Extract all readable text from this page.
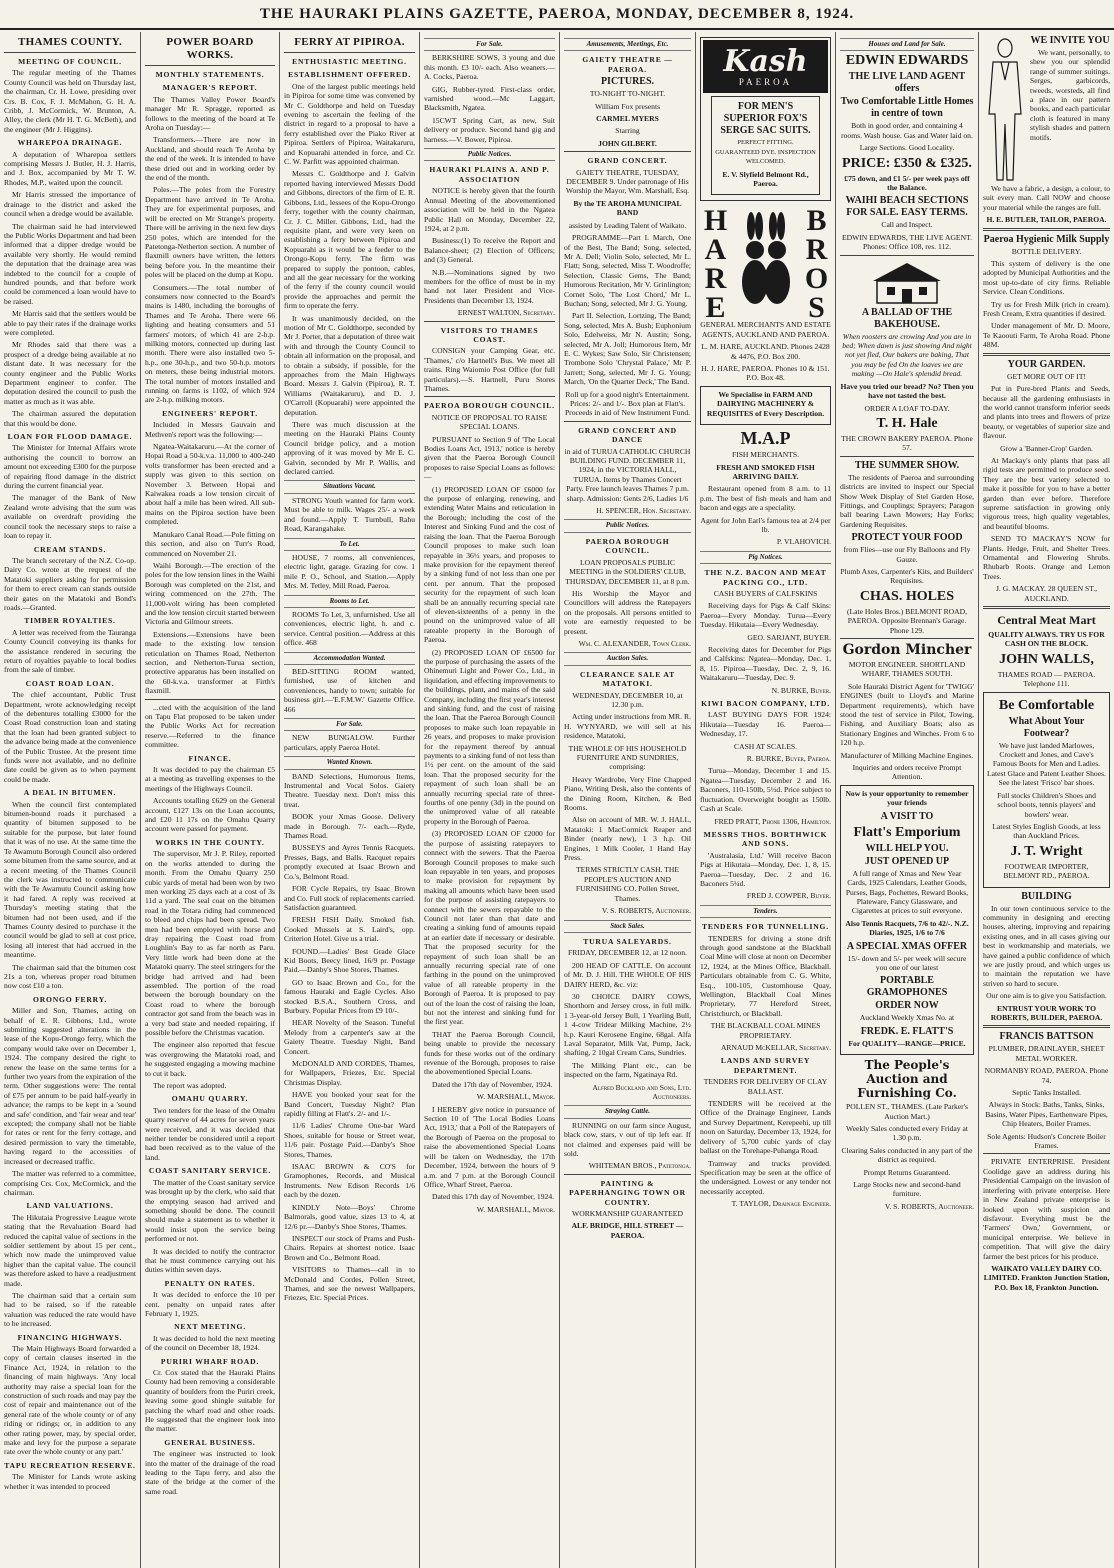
THE HAURAKI PLAINS GAZETTE, PAEROA, MONDAY, DECEMBER 8, 1924.
THAMES COUNTY.
MEETING OF COUNCIL.

The regular meeting of the Thames County Council was held on Thursday last, the chairman, Cr. H. Lowe, presiding over Crs. B. Cox, F. J. McMahon, G. H. A. Cribb, J. McCormick, W. Brunton, A. Alley, the clerk (Mr H. T. G. McBeth), and the engineer (Mr J. Higgins).

WHAREPOA DRAINAGE.

A deputation of Wharepoa settlers comprising Messrs J. Butler, H. J. Harris, and J. Box, accompanied by Mr T. W. Rhodes, M.P., waited upon the council.

Mr Harris stressed the importance of drainage to the district and asked the council when a dredge would be available.

The chairman said he had interviewed the Public Works Department and had been informed that a dipper dredge would be available very shortly. He would remind the deputation that the drainage area was indebted to the council for a couple of hundred pounds, and that before work could be commenced a loan would have to be raised.

Mr Harris said that the settlers would be able to pay their rates if the drainage works were completed.

Mr Rhodes said that there was a prospect of a dredge being available at no distant date. It was necessary for the county engineer and the Public Works Department engineer to confer. The deputation desired the council to push the matter as much as it was able.

The chairman assured the deputation that this would be done.

LOAN FOR FLOOD DAMAGE.

The Minister for Internal Affairs wrote authorising the council to borrow an amount not exceeding £300 for the purpose of repairing flood damage in the district during the current financial year.

The manager of the Bank of New Zealand wrote advising that the sum was available on overdraft providing the council took the necessary steps to raise a loan to repay it.

CREAM STANDS.

The branch secretary of the N.Z. Co-op. Dairy Co. wrote at the request of the Matatoki suppliers asking for permission for them to erect cream can stands outside their gates on the Matatoki and Bond's roads.—Granted.

TIMBER ROYALTIES.

A letter was received from the Tauranga County Council conveying its thanks for the assistance rendered in securing the return of royalties payable to local bodies from the sale of timber.

COAST ROAD LOAN.

The chief accountant, Public Trust Department, wrote acknowledging receipt of the debentures totalling £3000 for the Coast Road construction loan and stating that the loan had been granted subject to the advance being made at the convenience of the Public Trustee. At the present time funds were not available, and no definite date could be given as to when payment could be made.

A DEAL IN BITUMEN.

When the council first contemplated bitumen-bound roads it purchased a quantity of bitumen supposed to be suitable for the purpose, but later found that it was of no use. At the same time the Te Awamutu Borough Council also ordered some bitumen from the same source, and at a recent meeting of the Thames Council the clerk was instructed to communicate with the Te Awamutu Council asking how it had fared. A reply was received at Thursday's meeting stating that the bitumen had not been used, and if the Thames County desired to purchase it the council would be glad to sell at cost price, losing all interest that had accrued in the meantime.

The chairman said that the bitumen cost 21s a ton, whereas proper road bitumen now cost £10 a ton.

ORONGO FERRY.

Miller and Son, Thames, acting on behalf of E. R. Gibbons, Ltd., wrote submitting suggested alterations in the lease of the Kopu-Orongo ferry, which the company would take over on December 1, 1924. The company desired the right to renew the lease on the same terms for a further two years from the expiration of the term. Other suggestions were: The rental of £75 per annum to be paid half-yearly in advance; the ramps to be kept in a 'sound and safe' condition, and 'fair wear and tear' excepted; the company shall not be liable for rates or rent for the ferry cottage, and desired permission to vary the timetable, having regard to the accessities of increased or decreased traffic.

The matter was referred to a committee, comprising Crs. Cox, McCormick, and the chairman.

LAND VALUATIONS.

The Hikutaia Progressive League wrote stating that the Revaluation Board had reduced the capital value of sections in the soldier settlement by about 15 per cent., which now made the unimproved value higher than the capital value. The council was therefore asked to have a readjustment made.

The chairman said that a certain sum had to be raised, so if the rateable valuation was reduced the rate would have to be increased.

FINANCING HIGHWAYS.

The Main Highways Board forwarded a copy of certain clauses inserted in the Finance Act, 1924, in relation to the financing of main highways. 'Any local authority may raise a special loan for the construction of such roads and may pay the cost of repair and maintenance out of the general rate of the whole county or of any riding or ridings; or, in addition to any other rating power, may, by special order, make and levy for the purpose a separate rate over the whole county or any part.'

TAPU RECREATION RESERVE.

The Minister for Lands wrote asking whether it was intended to proceed

POWER BOARD WORKS.
MONTHLY STATEMENTS.
MANAGER'S REPORT.

The Thames Valley Power Board's manager Mr R. Spragge, reported as follows to the meeting of the board at Te Aroha on Tuesday:—

Transformers.—There are now in Auckland, and should reach Te Aroha by the end of the week. It is intended to have these dried out and in working order by the end of the month.

Poles.—The poles from the Forestry Department have arrived in Te Aroha. They are for experimental purposes, and will be erected on Mr Strange's property. There will be arriving in the next few days 250 poles, which are intended for the Patetonga-Netherton section. A number of flaxmill owners have written, the letters being before you. In the meantime their poles will be placed on the dump at Kopu.

Consumers.—The total number of consumers now connected to the Board's mains is 1480, including the boroughs of Thames and Te Aroha. There were 66 lighting and heating consumers and 51 farmers' motors, of which 41 are 2-h.p. milking motors, connected up during last month. There were also installed two 5-h.p., one 30-h.p., and two 50-h.p. motors on meters, these being industrial motors. The total number of motors installed and running on farms is 1102, of which 924 are 2-h.p. milking motors.

ENGINEERS' REPORT.

Included in Messrs Gauvain and Methven's report was the following:—

Ngatea-Waitakaruru.—At the corner of Hopai Road a 50-k.v.a. 11,000 to 400-240 volts transformer has been erected and a supply was given to this section on November 3. Between Hopai and Kaiwakea roads a low tension circuit of about half a mile has been wired. All sub-mains on the Pipiroa section have been completed.

Manukaro Canal Road.—Pole fitting on this section, and also on Turr's Road, commenced on November 21.

Waihi Borough.—The erection of the poles for the low tension lines in the Waihi Borough was completed on the 21st, and wiring commenced on the 27th. The 11,000-volt wiring has been completed and the low tension circuit started between Victoria and Gilmour streets.

Extensions.—Extensions have been made to the existing low tension reticulation on Thames Road, Netherton section, and Netherton-Turua section, protective apparatus has been installed on the 60-k.v.a. transformer at Firth's flaxmill.

...cted with the acquisition of the land on Tapu Flat proposed to be taken under the Public Works Act for recreation reserve.—Referred to the finance committee.

FINANCE.

It was decided to pay the chairman £5 at a meeting as travelling expenses to the meetings of the Highways Council.

Accounts totalling £629 on the General account, £127 13s on the Loan accounts, and £20 11 17s on the Omahu Quarry account were passed for payment.

WORKS IN THE COUNTY.

The supervisor, Mr J. P. Riley, reported on the works attended to during the month. From the Omahu Quarry 250 cubic yards of metal had been won by two men working 25 days each at a cost of 3s 11d a yard. The seal coat on the bitumen road in the Totara riding had commenced to bleed and chips had been spread. Two men had been employed with horse and dray repairing the Coast road from Loughlin's Bay to as far north as Paru. Very little work had been done at the Matatoki quarry. The steel stringers for the bridge had arrived and had been assembled. The portion of the road between the borough boundary on the Coast road to where the borough contractor got sand from the beach was in a very bad state and needed repairing, if possible before the Christmas vacation.

The engineer also reported that fescue was overgrowing the Matatoki road, and he suggested engaging a mowing machine to cut it back.

The report was adopted.

OMAHU QUARRY.

Two tenders for the lease of the Omahu quarry reserve of 44 acres for seven years were received, and it was decided that neither tender be considered until a report had been received as to the value of the land.

COAST SANITARY SERVICE.

The matter of the Coast sanitary service was brought up by the clerk, who said that the emptying season had arrived and something should be done. The council should make a statement as to whether it would insist upon the service being performed or not.

It was decided to notify the contractor that he must commence carrying out his duties within seven days.

PENALTY ON RATES.

It was decided to enforce the 10 per cent. penalty on unpaid rates after February 1, 1925.

NEXT MEETING.

It was decided to hold the next meeting of the council on December 18, 1924.

PURIRI WHARF ROAD.

Cr. Cox stated that the Hauraki Plains County had been removing a considerable quantity of boulders from the Puriri creek, leaving some good shingle suitable for patching the wharf road and other roads. He suggested that the engineer look into the matter.

GENERAL BUSINESS.

The engineer was instructed to look into the matter of the drainage of the road leading to the Tapu ferry, and also the state of the bridge at the corner of the same road.

FERRY AT PIPIROA.
ENTHUSIASTIC MEETING.
ESTABLISHMENT OFFERED.

One of the largest public meetings held in Pipiroa for some time was convened by Mr C. Goldthorpe and held on Tuesday evening to ascertain the feeling of the district in regard to a proposal to have a ferry established over the Piako River at Pipiroa. Settlers of Pipiroa, Waitakaruru, and Kopuarahi attended in force, and Cr. C. W. Parfitt was appointed chairman.

Messrs C. Goldthorpe and J. Galvin reported having interviewed Messrs Dodd and Gibbons, directors of the firm of E. R. Gibbons, Ltd., lessees of the Kopu-Orongo ferry, together with the county chairman, Cr. J. C. Miller. Gibbons, Ltd., had the requisite plant, and were very keen on establishing a ferry between Pipiroa and Kopuarahi as it would be a feeder to the Orongo-Kopu ferry. The firm was prepared to supply the pontoon, cables, and all the gear necessary for the working of the ferry if the county council would provide the approaches and permit the firm to operate the ferry.

It was unanimously decided, on the motion of Mr C. Goldthorpe, seconded by Mr J. Porter, that a deputation of three wait with and through the County Council to obtain all information on the proposal, and to obtain a subsidy, if possible, for the approaches from the Main Highways Board. Messrs J. Galvin (Pipiroa), R. T. Williams (Waitakaruru), and D. J. O'Carroll (Kopuarahi) were appointed the deputation.

There was much discussion at the meeting on the Hauraki Plains County Council bridge policy, and a motion approving of it was moved by Mr E. C. Galvin, seconded by Mr P. Wallis, and declared carried.

Situations Vacant.

STRONG Youth wanted for farm work. Must be able to milk. Wages 25/- a week and found.—Apply T. Turnbull, Rahu Road, Karangahake.

To Let.

HOUSE, 7 rooms, all conveniences, electric light, garage. Grazing for cow. 1 mile P. O., School, and Station.—Apply Mrs. M. Tetley, Mill Road, Paeroa.

Rooms to Let.

ROOMS To Let, 3, unfurnished. Use all conveniences, electric light, h. and c. service. Central position.—Address at this office. 468

Accommodation Wanted.

BED-SITTING ROOM wanted, furnished, use of kitchen and conveniences, handy to town; suitable for business girl.—'E.F.M.W.' Gazette Office. 466

For Sale.

NEW BUNGALOW. Further particulars, apply Paeroa Hotel.

Wanted Known.

BAND Selections, Humorous Items, Instrumental and Vocal Solos. Gaiety Theatre. Tuesday next. Don't miss this treat.

BOOK your Xmas Goose. Delivery made in Borough. 7/- each.—Ryde, Thames Road.

BUSSEYS and Ayres Tennis Racquets. Presses, Bags, and Balls. Racquet repairs promptly executed at Isaac Brown and Co.'s, Belmont Road.

FOR Cycle Repairs, try Isaac Brown and Co. Full stock of replacements carried. Satisfaction guaranteed.

FRESH FISH Daily. Smoked fish. Cooked Mussels at S. Laird's, opp. Criterion Hotel. Give us a trial.

FOUND.—Ladies' Best Grade Glace Kid Boots, Beecy lined, 16/9 pr. Postage Paid.—Danby's Shoe Stores, Thames.

GO to Isaac Brown and Co., for the famous Hauraki and Eagle Cycles. Also stocked B.S.A., Southern Cross, and Burbury. Popular Prices from £9 10/-.

HEAR Novelty of the Season. Tuneful Melody from a carpenter's saw at the Gaiety Theatre. Tuesday Night, Band Concert.

McDONALD AND CORDES, Thames, for Wallpapers, Friezes, Etc. Special Christmas Display.

HAVE you booked your seat for the Band Concert, Tuesday Night? Plan rapidly filling at Flatt's. 2/- and 1/-.

11/6 Ladies' Chrome One-bar Ward Shoes, suitable for house or Street wear, 11/6 pair. Postage Paid.—Danby's Shoe Stores, Thames.

ISAAC BROWN & CO'S for Gramophones, Records, and Musical Instruments. New Edison Records 1/6 each by the dozen.

KINDLY Note—Boys' Chrome Balmorals, good value, sizes 13 to 4, at 12/6 pr.—Danby's Shoe Stores, Thames.

INSPECT our stock of Prams and Push-Chairs. Repairs at shortest notice. Isaac Brown and Co., Belmont Road.

VISITORS to Thames—call in to McDonald and Cordes, Pollen Street, Thames, and see the newest Wallpapers, Friezes, Etc. Special Prices.

For Sale.

BERKSHIRE SOWS, 3 young and due this month. £3 10/- each. Also weaners.—A. Cocks, Paeroa.

GIG, Rubber-tyred. First-class order, varnished wood.—Mc Laggart, Blacksmith, Ngatea.

15CWT Spring Cart, as new, Suit delivery or produce. Second hand gig and harness.—V. Bower, Pipiroa.

Public Notices.
HAURAKI PLAINS A. AND P. ASSOCIATION

NOTICE is hereby given that the fourth Annual Meeting of the abovementioned association will be held in the Ngatea Public Hall on Monday, December 22, 1924, at 2 p.m.

Business:(1) To receive the Report and Balance-sheet; (2) Election of Officers; and (3) General.

N.B.—Nominations signed by two members for the office of must be in my hand not later President and Vice-Presidents than December 13, 1924.

ERNEST WALTON, Secretary.

VISITORS TO THAMES COAST.

CONSIGN your Camping Gear, etc. 'Thames,' c/o Hartnell's Bus. We meet all trains. Ring Waiomio Post Office (for full particulars).—S. Hartnell, Puru Stores Thames.

PAEROA BOROUGH COUNCIL.

NOTICE OF PROPOSAL TO RAISE SPECIAL LOANS.

PURSUANT to Section 9 of 'The Local Bodies Loans Act, 1913,' notice is hereby given that the Paeroa Borough Council proposes to raise Special Loans as follows:—

(1) PROPOSED LOAN OF £6000 for the purpose of enlarging, renewing, and extending Water Mains and reticulation in the Borough; including the cost of the Interest and Sinking Fund and the cost of raising the loan. That the Paeroa Borough Council proposes to make such loan repayable in 36½ years, and proposes to make provision for the repayment thereof by a sinking fund of not less than one per cent. per annum. That the proposed security for the repayment of such loan shall be an annually recurring special rate of eleven-sixteenths of a penny in the pound on the unimproved value of all rateable property in the Borough of Paeroa.

(2) PROPOSED LOAN OF £6500 for the purpose of purchasing the assets of the Ohinemuri Light and Power Co., Ltd., in liquidation, and effecting improvements to the buildings, plant, and mains of the said Company, including the first year's interest and sinking fund, and the cost of raising the loan. That the Paeroa Borough Council proposes to make such loan repayable in 26 years, and proposes to make provision for the repayment thereof by annual payments to a sinking fund of not less than 1½ per cent. on the amount of the said loan. That the proposed security for the repayment of such loan shall be an annually recurring special rate of three-fourths of one penny (3d) in the pound on the unimproved value of all rateable property in the Borough of Paeroa.

(3) PROPOSED LOAN OF £2000 for the purpose of assisting ratepayers to connect with the sewers. That the Paeroa Borough Council proposes to make such loan repayable in ten years, and proposes to make provision for repayment by making all amounts which have been used for the purpose of assisting ratepayers to connect with the sewers repayable to the Council not later than that date and creating a sinking fund of amounts repaid at an earlier date if necessary or desirable. That the proposed security for the repayment of such loan shall be an annually recurring special rate of one farthing in the pound on the unimproved value of all rateable property in the Borough of Paeroa. It is proposed to pay out of the loan the cost of raising the loan, but not the interest and sinking fund for the first year.

THAT the Paeroa Borough Council, being unable to provide the necessary funds for these works out of the ordinary revenue of the Borough, proposes to raise the abovementioned Special Loans.

Dated the 17th day of November, 1924.

W. MARSHALL, Mayor.

I HEREBY give notice in pursuance of Section 10 of 'The Local Bodies Loans Act, 1913,' that a Poll of the Ratepayers of the Borough of Paeroa on the proposal to raise the abovementioned Special Loans will be taken on Wednesday, the 17th December, 1924, between the hours of 9 a.m. and 7 p.m. at the Borough Council Office, Wharf Street, Paeroa.

Dated this 17th day of November, 1924.

W. MARSHALL, Mayor.

Amusements, Meetings, Etc.
GAIETY THEATRE — PAEROA.
PICTURES.

TO-NIGHT TO-NIGHT.

William Fox presents

CARMEL MYERS

Starring

JOHN GILBERT.

GRAND CONCERT.

GAIETY THEATRE, TUESDAY, DECEMBER 9. Under patronage of His Worship the Mayor, Wm. Marshall, Esq.

By the TE AROHA MUNICIPAL BAND

assisted by Leading Talent of Waikato.

PROGRAMME—Part I. March, One of the Best, The Band; Song, selected, Mr A. Dell; Violin Solo, selected, Mr L. Flatt; Song, selected, Miss T. Woodroffe; Selection, Classic Gems, The Band; Humorous Recitation, Mr V. Grinlington; Cornet Solo, 'The Lost Chord,' Mr L. Buchan; Song, selected, Mr J. G. Young.

Part II. Selection, Lortzing, The Band; Song, selected, Mrs A. Bush; Euphonium Solo, Edelweiss, Mr N. Austin; Song, selected, Mr A. Joll; Humorous Item, Mr E. C. Wykes; Saw Solo, Sir Christensen; Trombone Solo 'Chrystal Palace,' Mr P. Jarrett; Song, selected, Mr J. G. Young; March, 'On the Quarter Deck,' The Band.

Roll up for a good night's Entertainment. Prices: 2/- and 1/-. Box plan at Flatt's. Proceeds in aid of New Instrument Fund.

GRAND CONCERT AND DANCE

in aid of TURUA CATHOLIC CHURCH BUILDING FUND. DECEMBER 11, 1924, in the VICTORIA HALL, TURUA. Items by Thames Concert Party. Free launch leaves Thames 7 p.m. sharp. Admission: Gents 2/6, Ladies 1/6

H. SPENCER, Hon. Secretary.

Public Notices.
PAEROA BOROUGH COUNCIL.

LOAN PROPOSALS PUBLIC MEETING in the SOLDIERS' CLUB, THURSDAY, DECEMBER 11, at 8 p.m.

His Worship the Mayor and Councillors will address the Ratepayers on the proposals. All persons entitled to vote are earnestly requested to be present.

Wm. C. ALEXANDER, Town Clerk.

Auction Sales.
CLEARANCE SALE AT MATATOKI.

WEDNESDAY, DECEMBER 10, at 12.30 p.m.

Acting under instructions from MR. R. H. WYNYARD, we will sell at his residence, Matatoki,

THE WHOLE OF HIS HOUSEHOLD FURNITURE AND SUNDRIES, comprising:

Heavy Wardrobe, Very Fine Chapped Piano, Writing Desk, also the contents of the Dining Room, Kitchen, & Bed Rooms.

Also on account of MR. W. J. HALL, Matatoki: 1 MacCormick Reaper and Binder (nearly new), 1 3 h.p. Oil Engines, 1 Milk Cooler, 1 Hand Hay Press.

TERMS STRICTLY CASH. THE PEOPLE'S AUCTION AND FURNISHING CO. Pollen Street, Thames.

V. S. ROBERTS, Auctioneer.

Stock Sales.
TURUA SALEYARDS.

FRIDAY, DECEMBER 12, at 12 noon.

200 HEAD OF CATTLE. On account of Mr. D. J. Hill. THE WHOLE OF HIS DAIRY HERD, &c. viz:

30 CHOICE DAIRY COWS, Shorthorn and Jersey cross, in full milk. 1 3-year-old Jersey Bull, 1 Yearling Bull, 1 4-cow Tridear Milking Machine, 2½ h.p. Kauri Kerosene Engine, 68gal. Alfa Laval Separator, Milk Vat, Pump, Jack, shafting, 2 10gal Cream Cans, Sundries.

The Milking Plant etc., can be inspected on the farm, Ngatinaya Rd.

Alfred Buckland and Sons, Ltd. Auctioneers.

Straying Cattle.

RUNNING on our farm since August, black cow, stars, v out of tip left ear. If not claimed and expenses paid will be sold.

WHITEMAN BROS., Patetonga.

PAINTING & PAPERHANGING TOWN OR COUNTRY.

WORKMANSHIP GUARANTEED

ALF. BRIDGE, HILL STREET — PAEROA.

Kash
PAEROA
FOR MEN'S SUPERIOR FOX'S SERGE SAC SUITS.

PERFECT FITTING. GUARANTEED DYE. INSPECTION WELCOMED.

E. V. Slyfield Belmont Rd., Paeroa.

HARE BROS

GENERAL MERCHANTS AND ESTATE AGENTS, AUCKLAND AND PAEROA.

L. M. HARE, AUCKLAND. Phones 2428 & 4476, P.O. Box 200.

H. J. HARE, PAEROA. Phones 10 & 151. P.O. Box 48.

We Specialise in FARM AND DAIRYING MACHINERY & REQUISITES of Every Description.

M.A.P

FISH MERCHANTS.

FRESH AND SMOKED FISH ARRIVING DAILY.

Restaurant opened from 8 a.m. to 11 p.m. The best of fish meals and ham and bacon and eggs are a speciality.

Agent for John Earl's famous tea at 2/4 per lb.

P. VLAHOVICH.

Pig Notices.
THE N.Z. BACON AND MEAT PACKING CO., LTD.

CASH BUYERS of CALFSKINS

Receiving days for Pigs & Calf Skins: Paeroa—Every Monday. Turua—Every Tuesday. Hikutaia—Every Wednesday.

GEO. SARJANT, BUYER.

Receiving dates for December for Pigs and Calfskins: Ngatea—Monday, Dec. 1, 8, 15. Pipiroa—Tuesday, Dec. 2, 9, 16. Waitakaruru—Tuesday, Dec. 9.

N. BURKE, Buyer.

KIWI BACON COMPANY, LTD.

LAST BUYING DAYS FOR 1924: Hikutaia—Tuesday 16. Paeroa—Wednesday, 17.

CASH AT SCALES.

R. BURKE, Buyer, Paeroa.

Turua—Monday, December 1 and 15. Ngatea—Tuesday, December 2 and 16. Baconers, 110-150lb, 5½d. Price subject to fluctuation. Overweight bought as 150lb. Cash at Scale.

FRED PRATT, Phone 1306, Hamilton.

MESSRS THOS. BORTHWICK AND SONS.

'Australasia, Ltd.' Will receive Bacon Pigs at Hikutaia—Monday, Dec. 1, 8, 15. Paeroa—Tuesday, Dec. 2 and 16. Baconers 5¼d.

FRED J. COWPER, Buyer.

Tenders.
TENDERS FOR TUNNELLING.

TENDERS for driving a stone drift through good sandstone at the Blackball Coal Mine will close at noon on December 12, 1924, at the Mines Office, Blackball. Particulars obtainable from C. G. White, Esq., 100-105, Customhouse Quay, Wellington, Blackball Coal Mines Proprietary, 77 Hereford Street, Christchurch, or Blackball.

THE BLACKBALL COAL MINES PROPRIETARY.

ARNAUD McKELLAR, Secretary.

LANDS AND SURVEY DEPARTMENT.

TENDERS FOR DELIVERY OF CLAY BALLAST.

TENDERS will be received at the Office of the Drainage Engineer, Lands and Survey Department, Kerepeehi, up till noon on Saturday, December 13, 1924, for delivery of 5,700 cubic yards of clay ballast on the Torehape-Puhanga Road.

Tramway and trucks provided. Specification may be seen at the office of the undersigned. Lowest or any tender not necessarily accepted.

T. TAYLOR, Drainage Engineer.

Houses and Land for Sale.
EDWIN EDWARDS
THE LIVE LAND AGENT offers
Two Comfortable Little Homes in centre of town

Both in good order, and containing 4 rooms. Wash house. Gas and Water laid on.

Large Sections. Good Locality.

PRICE: £350 & £325.

£75 down, and £1 5/- per week pays off the Balance.

WAIHI BEACH SECTIONS FOR SALE. EASY TERMS.

Call and Inspect.

EDWIN EDWARDS, THE LIVE AGENT. Phones: Office 108, res. 112.

A BALLAD OF THE BAKEHOUSE.

When roosters are crowing And you are in bed; When dawn is just showing And night not yet fled, Our bakers are baking, That you may be fed On the loaves we are making —On Hale's splendid bread.

Have you tried our bread? No? Then you have not tasted the best.

ORDER A LOAF TO-DAY.

T. H. Hale

THE CROWN BAKERY PAEROA. Phone 57.

THE SUMMER SHOW.

The residents of Paeroa and surrounding districts are invited to inspect our Special Show Week Display of Stel Garden Hose, Fittings, and Couplings; Sprayers; Paragon ball bearing Lawn Mowers; Hay Forks; Gardening Requisites.

PROTECT YOUR FOOD

from Flies—use our Fly Balloons and Fly Gauze.

Plumb Axes, Carpenter's Kits, and Builders' Requisites.

CHAS. HOLES

(Late Holes Bros.) BELMONT ROAD, PAEROA. Opposite Brennan's Garage. Phone 129.

Gordon Mincher

MOTOR ENGINEER. SHORTLAND WHARF, THAMES SOUTH.

Sole Hauraki District Agent for 'TWIGG' ENGINES (built to Lloyd's and Marine Department requirements), which have stood the test of service in Pilot, Towing, Fishing, and Auxiliary Boats; also as Stationary Engines and Winches. From 6 to 120 h.p.

Manufacturer of Milking Machine Engines.

Inquiries and orders receive Prompt Attention.

Now is your opportunity to remember your friends

A VISIT TO
Flatt's Emporium
WILL HELP YOU.
JUST OPENED UP

A full range of Xmas and New Year Cards, 1925 Calendars, Leather Goods, Purses, Bags, Pochettes, Reward Books, Plateware, Fancy Glassware, and Cigarettes at prices to suit everyone.

Also Tennis Racquets, 7/6 to 42/-. N.Z. Diaries, 1925, 1/6 to 7/6

A SPECIAL XMAS OFFER

15/- down and 5/- per week will secure you one of our latest

PORTABLE GRAMOPHONES
ORDER NOW

Auckland Weekly Xmas No. at

FREDK. E. FLATT'S

For QUALITY—RANGE—PRICE.

The People's Auction and Furnishing Co.

POLLEN ST., THAMES. (Late Parker's Auction Mart.)

Weekly Sales conducted every Friday at 1.30 p.m.

Clearing Sales conducted in any part of the district as required.

Prompt Returns Guaranteed.

Large Stocks new and second-hand furniture.

V. S. ROBERTS, Auctioneer.

WE INVITE YOU

We want, personally, to shew you our splendid range of summer suitings. Serges, garbicords, tweeds, worsteds, all find a place in our pattern books, and each particular cloth is featured in many stylish shades and pattern motifs.

We have a fabric, a design, a colour, to suit every man. Call NOW and choose your material while the ranges are full.

H. E. BUTLER, TAILOR, PAEROA.

Paeroa Hygienic Milk Supply

BOTTLE DELIVERY.

This system of delivery is the one adopted by Municipal Authorities and the most up-to-date of city firms. Reliable Service. Clean Conditions.

Try us for Fresh Milk (rich in cream). Fresh Cream, Extra quantities if desired.

Under management of Mr. D. Moore, Te Kaoouti Farm, Te Aroha Road. Phone 48M.

YOUR GARDEN.

GET MORE OUT OF IT!

Put in Pure-bred Plants and Seeds, because all the gardening enthusiasts in the world cannot transform inferior seeds and plants into trees and flowers of prize beauty, or vegetables of superior size and flavour.

Grow a 'Banner-Crop' Garden.

At Mackay's only plants that pass all rigid tests are permitted to produce seed. They are the best variety selected to make it possible for you to have a better garden than ever before. Therefore supreme satisfaction in growing only vigorous trees, high quality vegetables, and beautiful blooms.

SEND TO MACKAY'S NOW for Plants. Hedge, Fruit, and Shelter Trees. Ornamental and Flowering Shrubs. Rhubarb Roots. Orange and Lemon Trees.

J. G. MACKAY. 28 QUEEN ST., AUCKLAND.

Central Meat Mart

QUALITY ALWAYS. TRY US FOR CASH ON THE BLOCK.

JOHN WALLS,

THAMES ROAD — PAEROA. Telephone 111.

Be Comfortable
What About Your Footwear?

We have just landed Marlowes, Crockett and Jones, and Cave's Famous Boots for Men and Ladies. Latest Glace and Patent Leather Shoes. See the latest 'Frisco' bar shoes.

Full stocks Children's Shoes and school boots, tennis players' and bowlers' wear.

Latest Styles English Goods, at less than Auckland Prices.

J. T. Wright

FOOTWEAR IMPORTER, BELMONT RD., PAEROA.

BUILDING

In our town continuous service to the community in designing and erecting houses, altering, improving and repairing existing ones, and in all cases giving our best in workmanship and materials, we have gained a public confidence of which we are justly proud, and which urges us to maintain the reputation we have striven so hard to secure.

Our one aim is to give you Satisfaction.

ENTRUST YOUR WORK TO ROBERTS, BUILDER, PAEROA.

FRANCIS BATTSON

PLUMBER, DRAINLAYER, SHEET METAL WORKER.

NORMANBY ROAD, PAEROA. Phone 74.

Septic Tanks Installed.

Always in Stock: Baths, Tanks, Sinks, Basins, Water Pipes, Earthenware Pipes, Chip Heaters, Boiler Frames.

Sole Agents: Hudson's Concrete Boiler Frames.

PRIVATE ENTERPRISE. President Coolidge gave an address during his Presidential Campaign on the invasion of interfering with private enterprise. Here in New Zealand private enterprise is looked upon with suspicion and disfavour. Everything must be the 'Farmers' Own,' Government, or municipal enterprise. We believe in competition. That will give the dairy farmer the best prices for his produce.

WAIKATO VALLEY DAIRY CO. LIMITED. Frankton Junction Station, P.O. Box 18, Frankton Junction.
